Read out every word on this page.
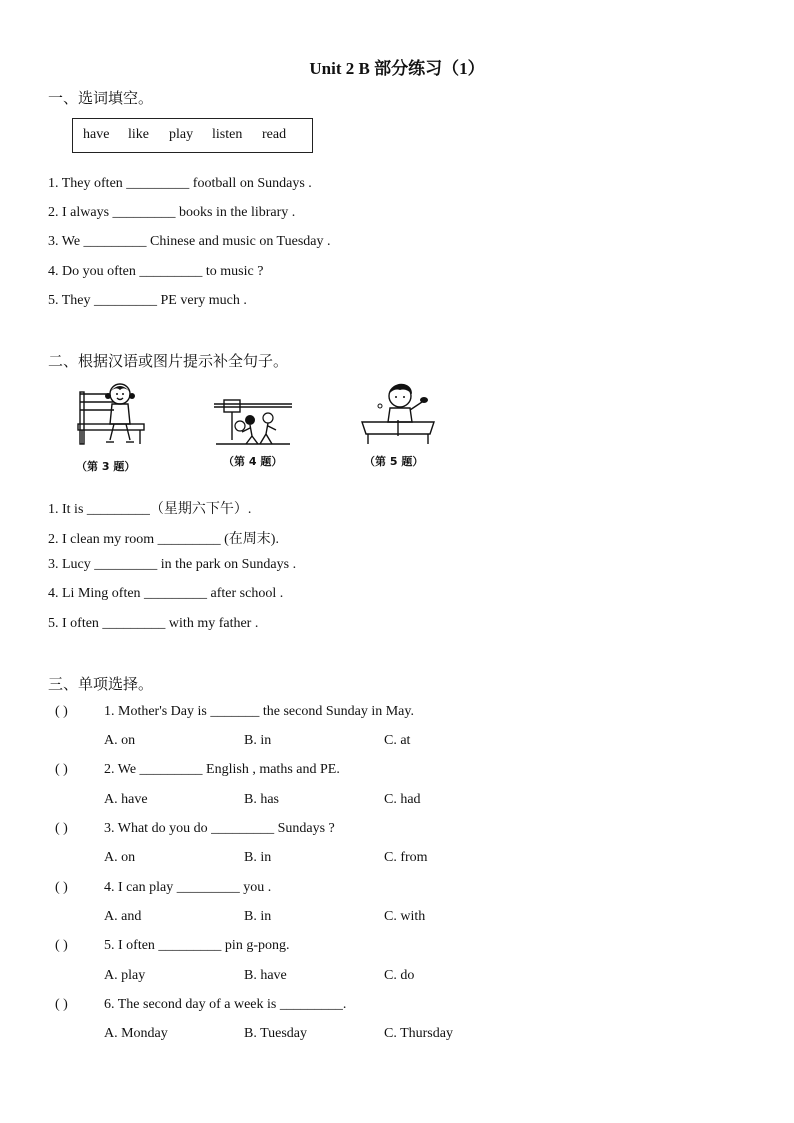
Unit 2 B 部分练习（1）
一、选词填空。
have like play listen read
1. They often _________ football on Sundays .
2. I always _________ books in the library .
3. We _________ Chinese and music on Tuesday .
4. Do you often _________ to music ?
5. They _________ PE very much .
二、根据汉语或图片提示补全句子。
（第 3 题）	（第 4 题）	（第 5 题）
1. It is _________（星期六下午）.
2. I clean my room _________ (在周末).
3. Lucy _________ in the park on Sundays .
4. Li Ming often _________ after school .
5. I often _________ with my father .
三、单项选择。
( )	1. Mother's Day is _______ the second Sunday in May.
A. on	B. in	C. at
( )	2. We _________ English , maths and PE.
A. have	B. has	C. had
( )	3. What do you do _________ Sundays ?
A. on	B. in	C. from
( )	4. I can play _________ you .
A. and	B. in	C. with
( )	5. I often _________ pin g-pong.
A. play	B. have	C. do
( )	6. The second day of a week is _________.
A. Monday	B. Tuesday	C. Thursday
